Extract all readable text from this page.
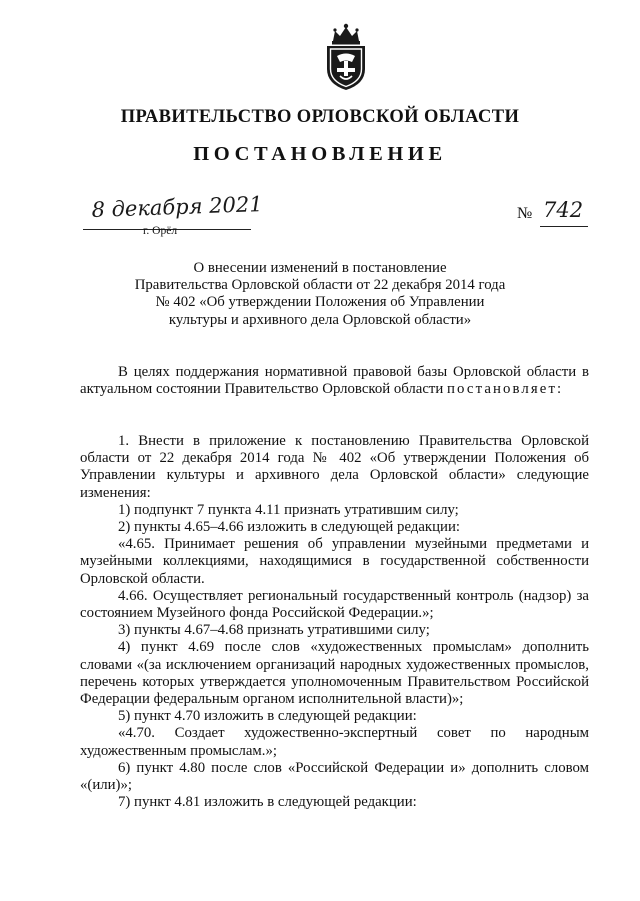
ПРАВИТЕЛЬСТВО ОРЛОВСКОЙ ОБЛАСТИ
ПОСТАНОВЛЕНИЕ
8 декабря 2021
г. Орёл
№ 742
О внесении изменений в постановление
Правительства Орловской области от 22 декабря 2014 года
№ 402 «Об утверждении Положения об Управлении
культуры и архивного дела Орловской области»

В целях поддержания нормативной правовой базы Орловской области в актуальном состоянии Правительство Орловской области постановляет:

1. Внести в приложение к постановлению Правительства Орловской области от 22 декабря 2014 года № 402 «Об утверждении Положения об Управлении культуры и архивного дела Орловской области» следующие изменения:

1) подпункт 7 пункта 4.11 признать утратившим силу;

2) пункты 4.65–4.66 изложить в следующей редакции:

«4.65. Принимает решения об управлении музейными предметами и музейными коллекциями, находящимися в государственной собственности Орловской области.

4.66. Осуществляет региональный государственный контроль (надзор) за состоянием Музейного фонда Российской Федерации.»;

3) пункты 4.67–4.68 признать утратившими силу;

4) пункт 4.69 после слов «художественных промыслам» дополнить словами «(за исключением организаций народных художественных промыслов, перечень которых утверждается уполномоченным Правительством Российской Федерации федеральным органом исполнительной власти)»;

5) пункт 4.70 изложить в следующей редакции:

«4.70. Создает художественно-экспертный совет по народным художественным промыслам.»;

6) пункт 4.80 после слов «Российской Федерации и» дополнить словом «(или)»;

7) пункт 4.81 изложить в следующей редакции:
